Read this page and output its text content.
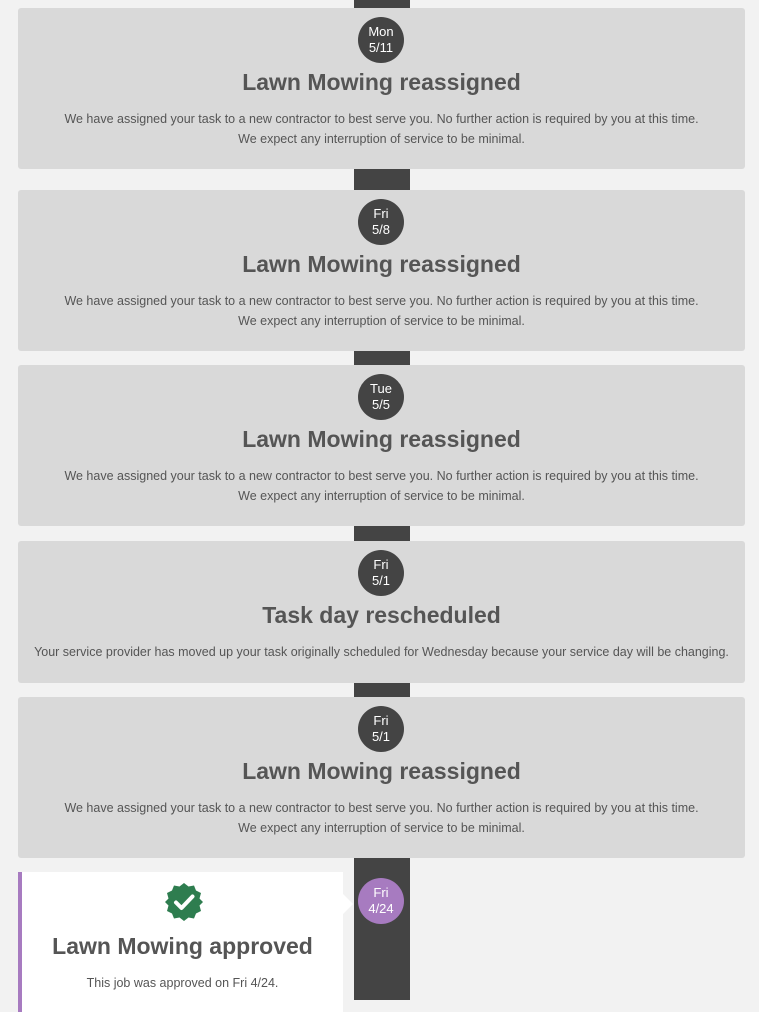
Mon
5/11
Lawn Mowing reassigned

We have assigned your task to a new contractor to best serve you. No further action is required by you at this time. We expect any interruption of service to be minimal.

Fri
5/8
Lawn Mowing reassigned

We have assigned your task to a new contractor to best serve you. No further action is required by you at this time. We expect any interruption of service to be minimal.

Tue
5/5
Lawn Mowing reassigned

We have assigned your task to a new contractor to best serve you. No further action is required by you at this time. We expect any interruption of service to be minimal.

Fri
5/1
Task day rescheduled

Your service provider has moved up your task originally scheduled for Wednesday because your service day will be changing.

Fri
5/1
Lawn Mowing reassigned

We have assigned your task to a new contractor to best serve you. No further action is required by you at this time. We expect any interruption of service to be minimal.

Lawn Mowing approved

This job was approved on Fri 4/24.

Fri
4/24
